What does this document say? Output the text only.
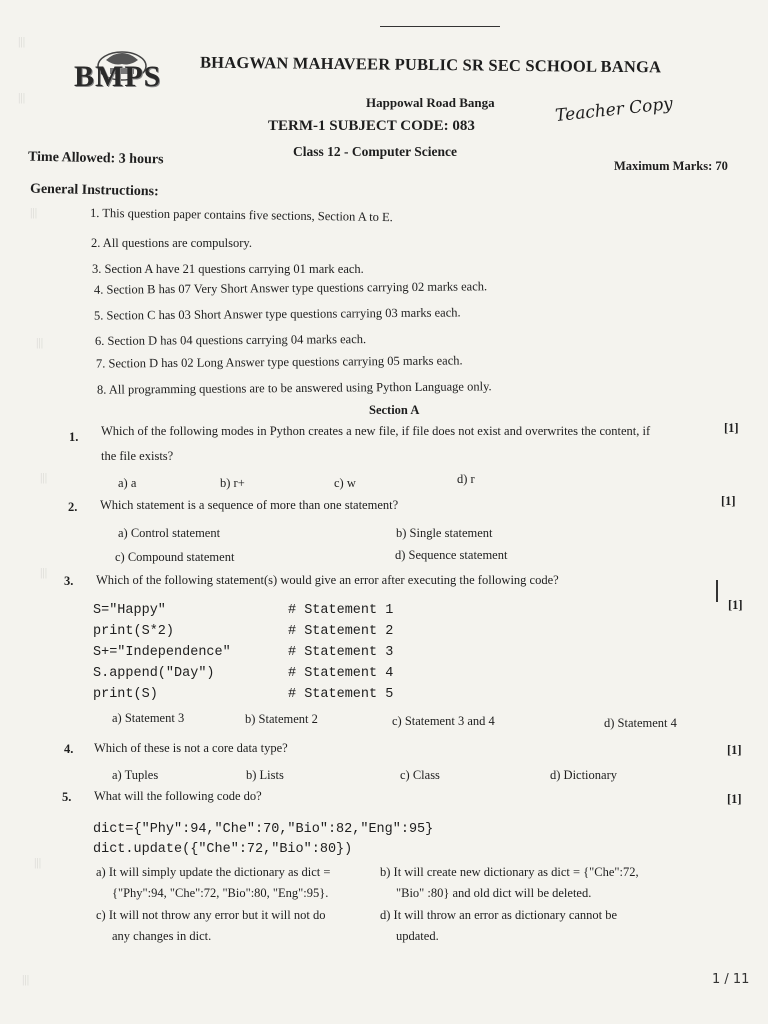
BMPS BHAGWAN MAHAVEER PUBLIC SR SEC SCHOOL BANGA
Happowal Road Banga	Teacher Copy
TERM-1 SUBJECT CODE: 083
Class 12 - Computer Science
Time Allowed: 3 hours	Maximum Marks: 70
General Instructions:
1. This question paper contains five sections, Section A to E.
2. All questions are compulsory.
3. Section A have 21 questions carrying 01 mark each.
4. Section B has 07 Very Short Answer type questions carrying 02 marks each.
5. Section C has 03 Short Answer type questions carrying 03 marks each.
6. Section D has 04 questions carrying 04 marks each.
7. Section D has 02 Long Answer type questions carrying 05 marks each.
8. All programming questions are to be answered using Python Language only.
Section A
1. Which of the following modes in Python creates a new file, if file does not exist and overwrites the content, if
the file exists?
[1]
a) a	b) r+	c) w	d) r
2. Which statement is a sequence of more than one statement?	[1]
a) Control statement	b) Single statement
c) Compound statement	d) Sequence statement
3. Which of the following statement(s) would give an error after executing the following code?
[1]
S="Happy"	# Statement 1
print(S*2)	# Statement 2
S+="Independence"	# Statement 3
S.append("Day")	# Statement 4
print(S)	# Statement 5
a) Statement 3	b) Statement 2	c) Statement 3 and 4	d) Statement 4
4. Which of these is not a core data type?	[1]
a) Tuples	b) Lists	c) Class	d) Dictionary
5. What will the following code do?	[1]
dict={"Phy":94,"Che":70,"Bio":82,"Eng":95}
dict.update({"Che":72,"Bio":80})
a) It will simply update the dictionary as dict =
{"Phy":94, "Che":72, "Bio":80, "Eng":95}.
b) It will create new dictionary as dict = {"Che":72,
"Bio" :80} and old dict will be deleted.
c) It will not throw any error but it will not do
any changes in dict.
d) It will throw an error as dictionary cannot be
updated.
1 / 11
|||
|||
|||
|||
|||
|||
|||
|||
